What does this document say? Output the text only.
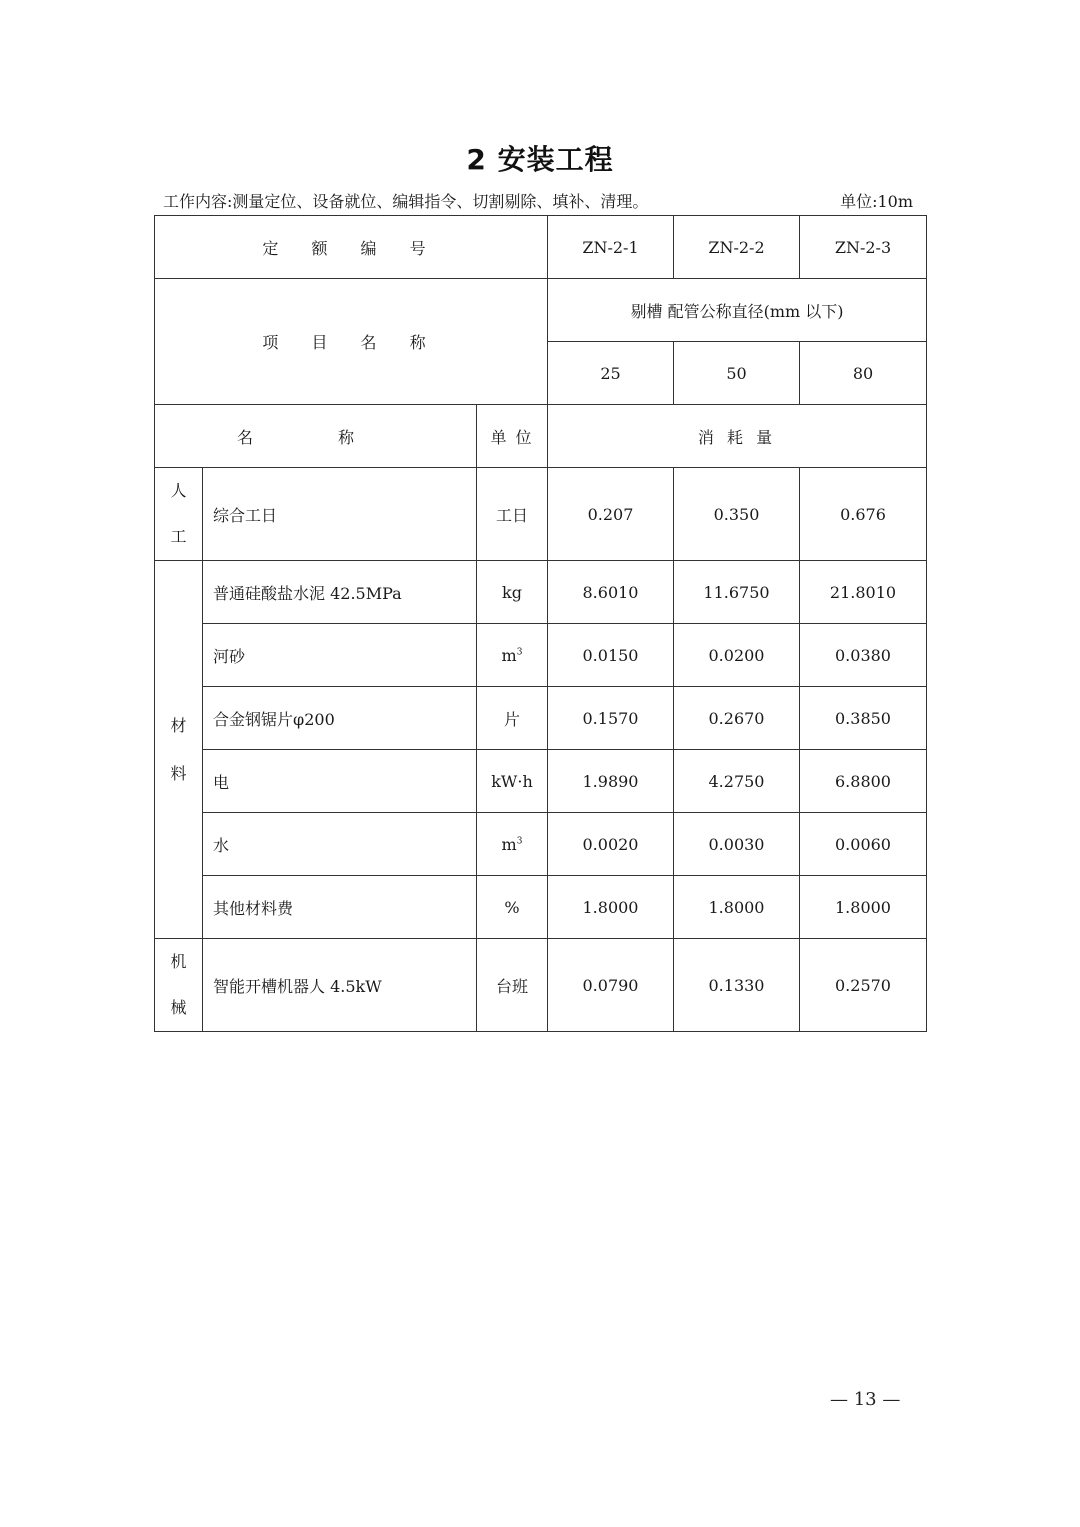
2 安装工程
工作内容:测量定位、设备就位、编辑指令、切割剔除、填补、清理。	单位:10m
定 额 编 号			ZN-2-1	ZN-2-2	ZN-2-3
项 目 名 称			剔槽 配管公称直径(mm 以下)		
			25	50	80
名 称		单 位	消 耗 量		
人工	综合工日	工日	0.207	0.350	0.676
材料	普通硅酸盐水泥 42.5MPa	kg	8.6010	11.6750	21.8010
	河砂	$m^3$	0.0150	0.0200	0.0380
	合金钢锯片φ200	片	0.1570	0.2670	0.3850
	电	kW·h	1.9890	4.2750	6.8800
	水	$m^3$	0.0020	0.0030	0.0060
	其他材料费	%	1.8000	1.8000	1.8000
机械	智能开槽机器人 4.5kW	台班	0.0790	0.1330	0.2570
— 13 —
